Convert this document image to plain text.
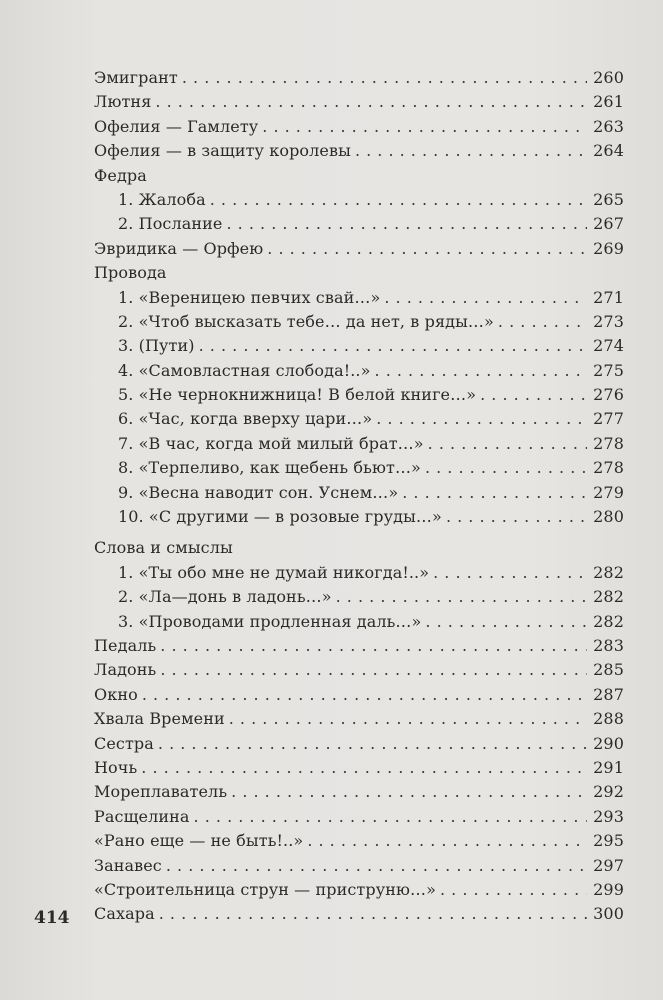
Эмигрант . . .	260
Лютня . . .	261
Офелия — Гамлету . . .	263
Офелия — в защиту королевы . . .	264
Федра
1. Жалоба . . .	265
2. Послание . . .	267
Эвридика — Орфею . . .	269
Провода
1. «Вереницею певчих свай…» . . .	271
2. «Чтоб высказать тебе… да нет, в ряды…» . . .	273
3. (Пути) . . .	274
4. «Самовластная слобода!..» . . .	275
5. «Не чернокнижница! В белой книге…» . . .	276
6. «Час, когда вверху цари…» . . .	277
7. «В час, когда мой милый брат…» . . .	278
8. «Терпеливо, как щебень бьют…» . . .	278
9. «Весна наводит сон. Уснем…» . . .	279
10. «С другими — в розовые груды…» . . .	280
Слова и смыслы
1. «Ты обо мне не думай никогда!..» . . .	282
2. «Ла—донь в ладонь…» . . .	282
3. «Проводами продленная даль…» . . .	282
Педаль . . .	283
Ладонь . . .	285
Окно . . .	287
Хвала Времени . . .	288
Сестра . . .	290
Ночь . . .	291
Мореплаватель . . .	292
Расщелина . . .	293
«Рано еще — не быть!..» . . .	295
Занавес . . .	297
«Строительница струн — приструню…» . . .	299
Сахара . . .	300
414
